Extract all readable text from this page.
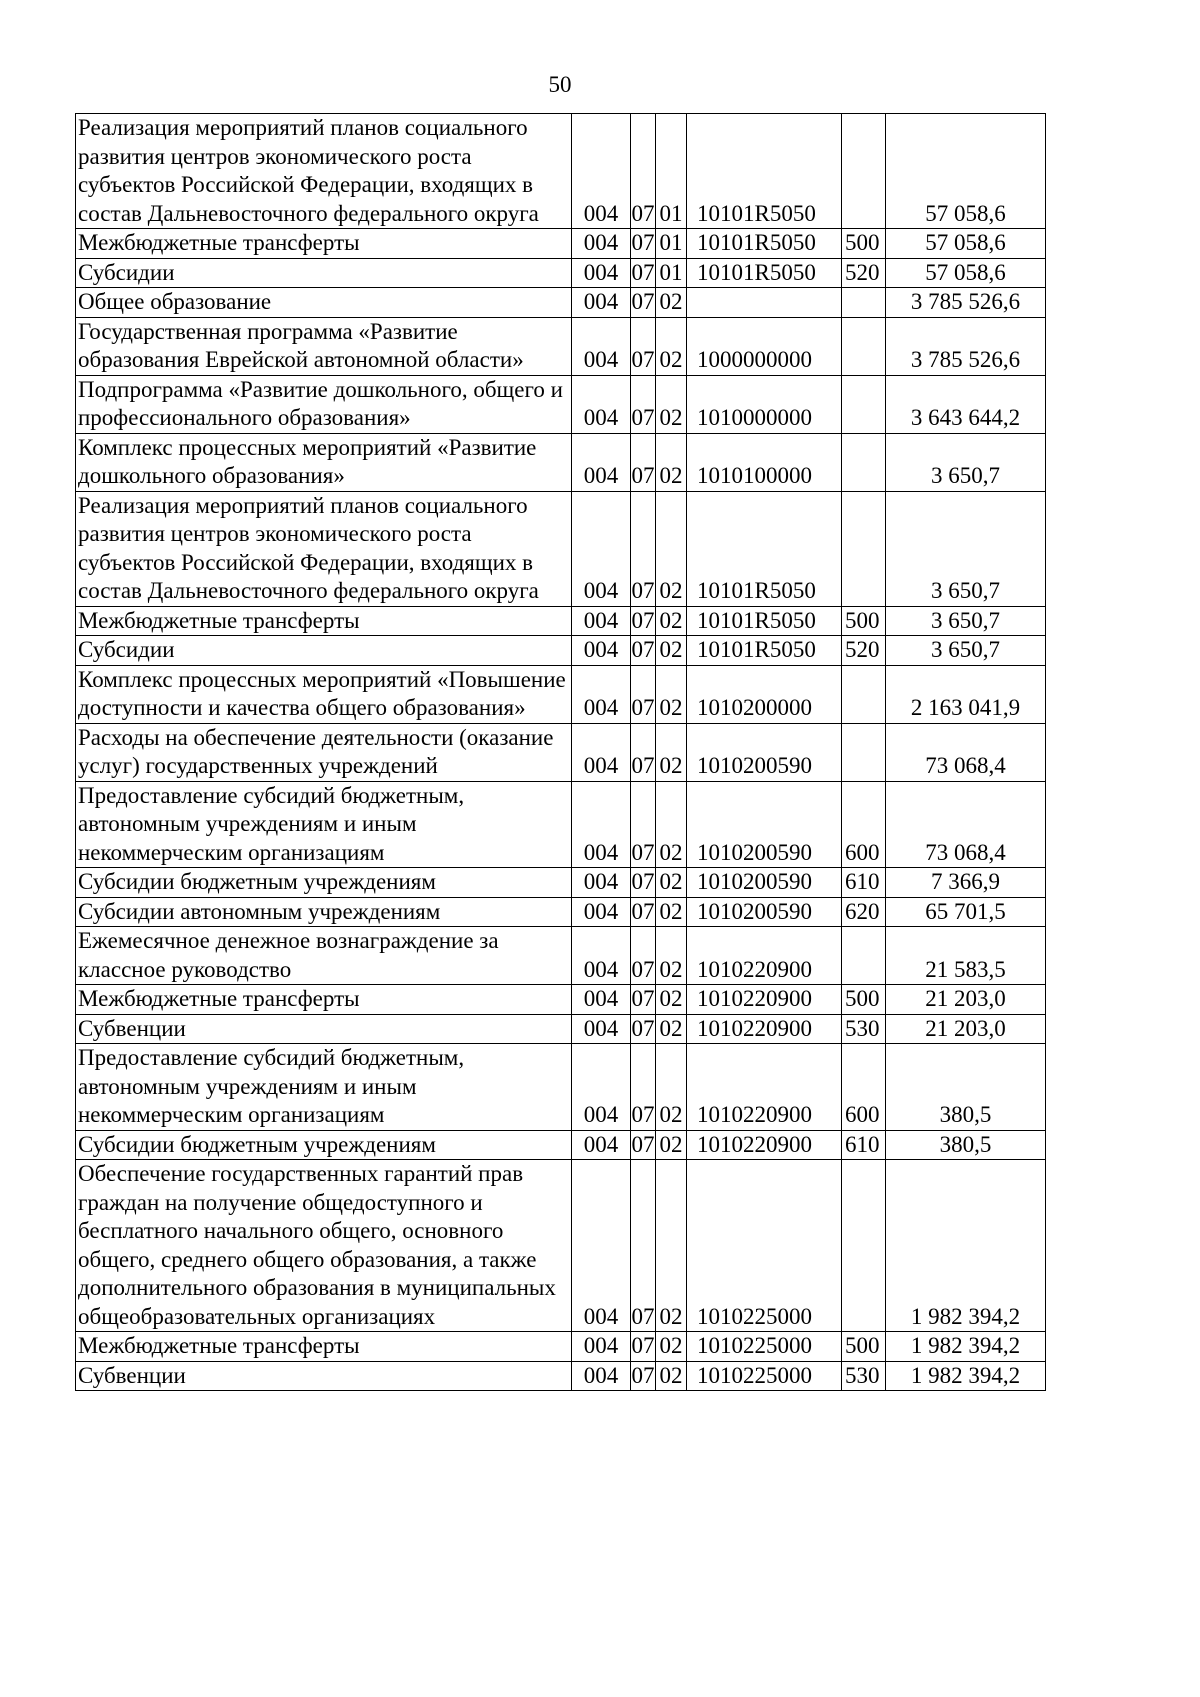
50
Реализация мероприятий планов социального развития центров экономического роста субъектов Российской Федерации, входящих в состав Дальневосточного федерального округа	004	07	01	10101R5050		57 058,6
Межбюджетные трансферты	004	07	01	10101R5050	500	57 058,6
Субсидии	004	07	01	10101R5050	520	57 058,6
Общее образование	004	07	02			3 785 526,6
Государственная программа «Развитие образования Еврейской автономной области»	004	07	02	1000000000		3 785 526,6
Подпрограмма «Развитие дошкольного, общего и профессионального образования»	004	07	02	1010000000		3 643 644,2
Комплекс процессных мероприятий «Развитие дошкольного образования»	004	07	02	1010100000		3 650,7
Реализация мероприятий планов социального развития центров экономического роста субъектов Российской Федерации, входящих в состав Дальневосточного федерального округа	004	07	02	10101R5050		3 650,7
Межбюджетные трансферты	004	07	02	10101R5050	500	3 650,7
Субсидии	004	07	02	10101R5050	520	3 650,7
Комплекс процессных мероприятий «Повышение доступности и качества общего образования»	004	07	02	1010200000		2 163 041,9
Расходы на обеспечение деятельности (оказание услуг) государственных учреждений	004	07	02	1010200590		73 068,4
Предоставление субсидий бюджетным, автономным учреждениям и иным некоммерческим организациям	004	07	02	1010200590	600	73 068,4
Субсидии бюджетным учреждениям	004	07	02	1010200590	610	7 366,9
Субсидии автономным учреждениям	004	07	02	1010200590	620	65 701,5
Ежемесячное денежное вознаграждение за классное руководство	004	07	02	1010220900		21 583,5
Межбюджетные трансферты	004	07	02	1010220900	500	21 203,0
Субвенции	004	07	02	1010220900	530	21 203,0
Предоставление субсидий бюджетным, автономным учреждениям и иным некоммерческим организациям	004	07	02	1010220900	600	380,5
Субсидии бюджетным учреждениям	004	07	02	1010220900	610	380,5
Обеспечение государственных гарантий прав граждан на получение общедоступного и бесплатного начального общего, основного общего, среднего общего образования, а также дополнительного образования в муниципальных общеобразовательных организациях	004	07	02	1010225000		1 982 394,2
Межбюджетные трансферты	004	07	02	1010225000	500	1 982 394,2
Субвенции	004	07	02	1010225000	530	1 982 394,2
